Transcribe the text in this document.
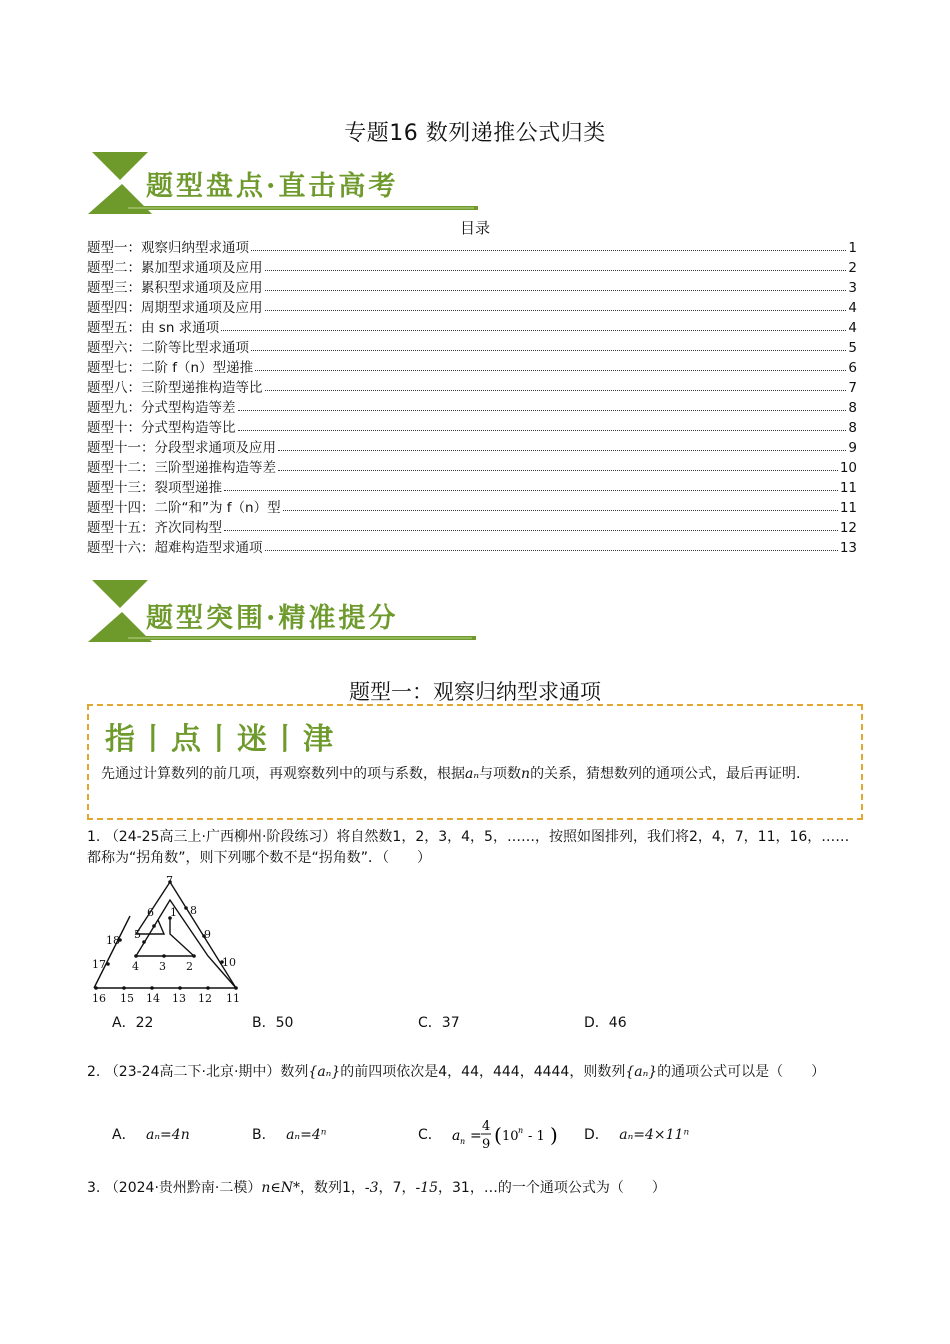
专题16 数列递推公式归类
题型盘点·直击高考
目录
题型一：观察归纳型求通项	1
题型二：累加型求通项及应用	2
题型三：累积型求通项及应用	3
题型四：周期型求通项及应用	4
题型五：由 sn 求通项	4
题型六：二阶等比型求通项	5
题型七：二阶 f（n）型递推	6
题型八：三阶型递推构造等比	7
题型九：分式型构造等差	8
题型十：分式型构造等比	8
题型十一：分段型求通项及应用	9
题型十二：三阶型递推构造等差	10
题型十三：裂项型递推	11
题型十四：二阶“和”为 f（n）型	11
题型十五：齐次同构型	12
题型十六：超难构造型求通项	13
题型突围·精准提分
题型一：观察归纳型求通项
指丨点丨迷丨津
先通过计算数列的前几项，再观察数列中的项与系数，根据aₙ与项数n的关系，猜想数列的通项公式，最后再证明.
1. （24-25高三上·广西柳州·阶段练习）将自然数1，2，3，4，5，……，按照如图排列，我们将2，4，7，11，16，……都称为“拐角数”，则下列哪个数不是“拐角数”．（　　）
1
2
3
4
5
6
7
8
9
10
11
12
13
14
15
16
17
18
A．22	B．50	C．37	D．46
2. （23-24高二下·北京·期中）数列{aₙ}的前四项依次是4，44，444，4444，则数列{aₙ}的通项公式可以是（　　）
A． aₙ=4n	B． aₙ=4ⁿ	C． a n =
4
9 ( 10 n - 1 ) D． aₙ=4×11ⁿ
3. （2024·贵州黔南·二模）n∈N*，数列1，-3，7，-15，31，…的一个通项公式为（　　）
